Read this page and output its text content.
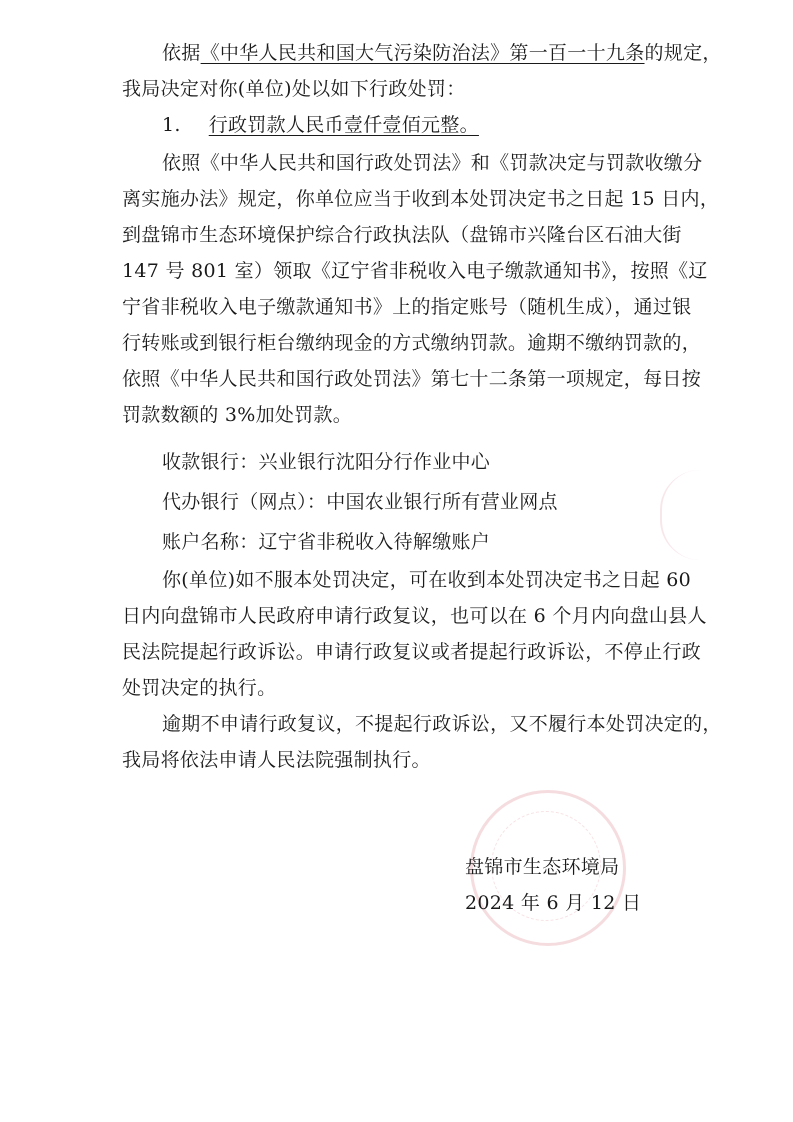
依据《中华人民共和国大气污染防治法》第一百一十九条的规定，
我局决定对你(单位)处以如下行政处罚：
1. 行政罚款人民币壹仟壹佰元整。
依照《中华人民共和国行政处罚法》和《罚款决定与罚款收缴分
离实施办法》规定，你单位应当于收到本处罚决定书之日起 15 日内，
到盘锦市生态环境保护综合行政执法队（盘锦市兴隆台区石油大街
147 号 801 室）领取《辽宁省非税收入电子缴款通知书》，按照《辽
宁省非税收入电子缴款通知书》上的指定账号（随机生成），通过银
行转账或到银行柜台缴纳现金的方式缴纳罚款。逾期不缴纳罚款的，
依照《中华人民共和国行政处罚法》第七十二条第一项规定，每日按
罚款数额的 3%加处罚款。
收款银行：兴业银行沈阳分行作业中心
代办银行（网点）：中国农业银行所有营业网点
账户名称：辽宁省非税收入待解缴账户
你(单位)如不服本处罚决定，可在收到本处罚决定书之日起 60
日内向盘锦市人民政府申请行政复议，也可以在 6 个月内向盘山县人
民法院提起行政诉讼。申请行政复议或者提起行政诉讼，不停止行政
处罚决定的执行。
逾期不申请行政复议，不提起行政诉讼，又不履行本处罚决定的，
我局将依法申请人民法院强制执行。
盘锦市生态环境局
2024 年 6 月 12 日
